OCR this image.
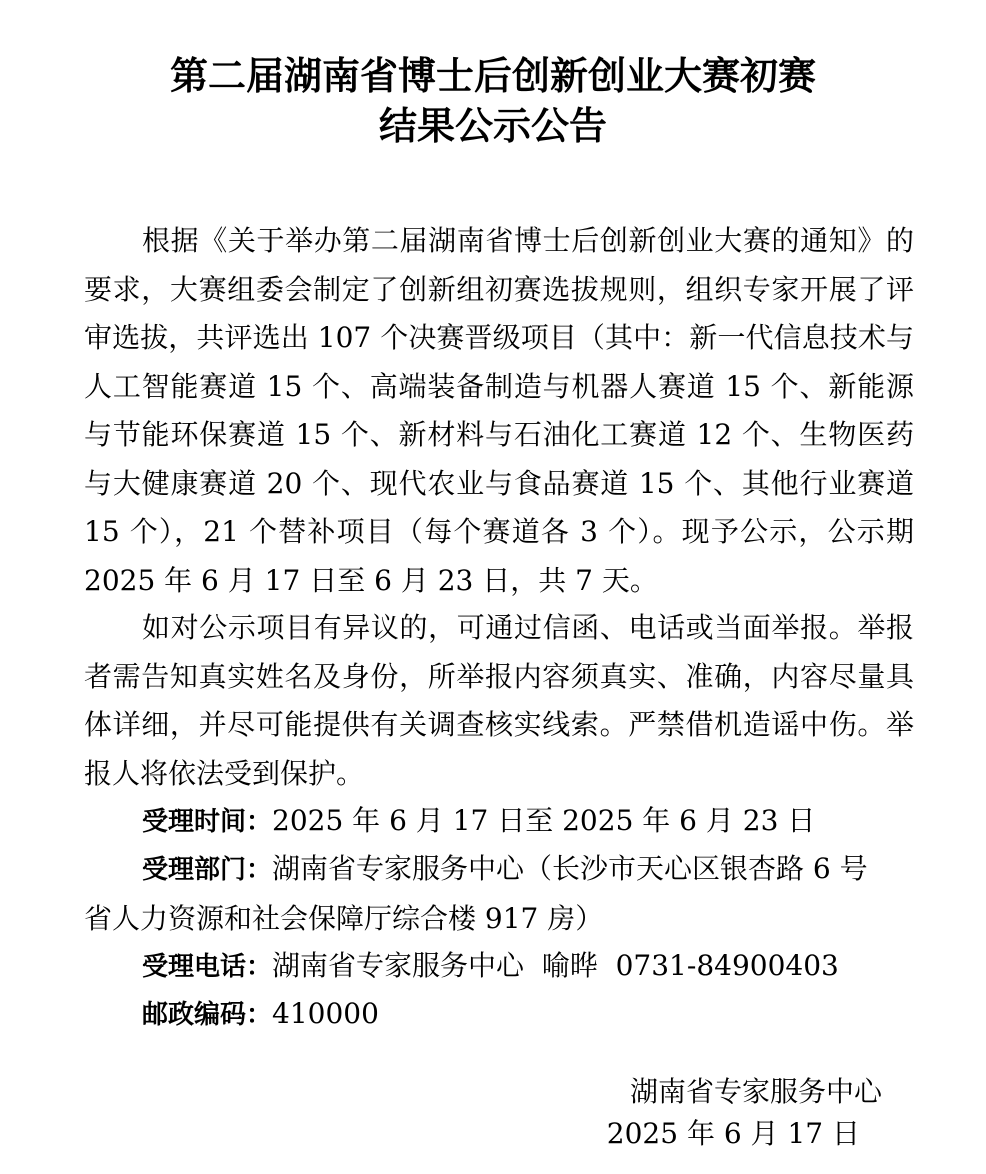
第二届湖南省博士后创新创业大赛初赛
结果公示公告
根据《关于举办第二届湖南省博士后创新创业大赛的通知》的要求，大赛组委会制定了创新组初赛选拔规则，组织专家开展了评审选拔，共评选出 107 个决赛晋级项目（其中：新一代信息技术与人工智能赛道 15 个、高端装备制造与机器人赛道 15 个、新能源与节能环保赛道 15 个、新材料与石油化工赛道 12 个、生物医药与大健康赛道 20 个、现代农业与食品赛道 15 个、其他行业赛道 15 个），21 个替补项目（每个赛道各 3 个）。现予公示，公示期 2025 年 6 月 17 日至 6 月 23 日，共 7 天。
如对公示项目有异议的，可通过信函、电话或当面举报。举报者需告知真实姓名及身份，所举报内容须真实、准确，内容尽量具体详细，并尽可能提供有关调查核实线索。严禁借机造谣中伤。举报人将依法受到保护。
受理时间：2025 年 6 月 17 日至 2025 年 6 月 23 日
受理部门：湖南省专家服务中心（长沙市天心区银杏路 6 号
省人力资源和社会保障厅综合楼 917 房）
受理电话：湖南省专家服务中心  喻晔  0731-84900403
邮政编码：410000
湖南省专家服务中心
2025 年 6 月 17 日
